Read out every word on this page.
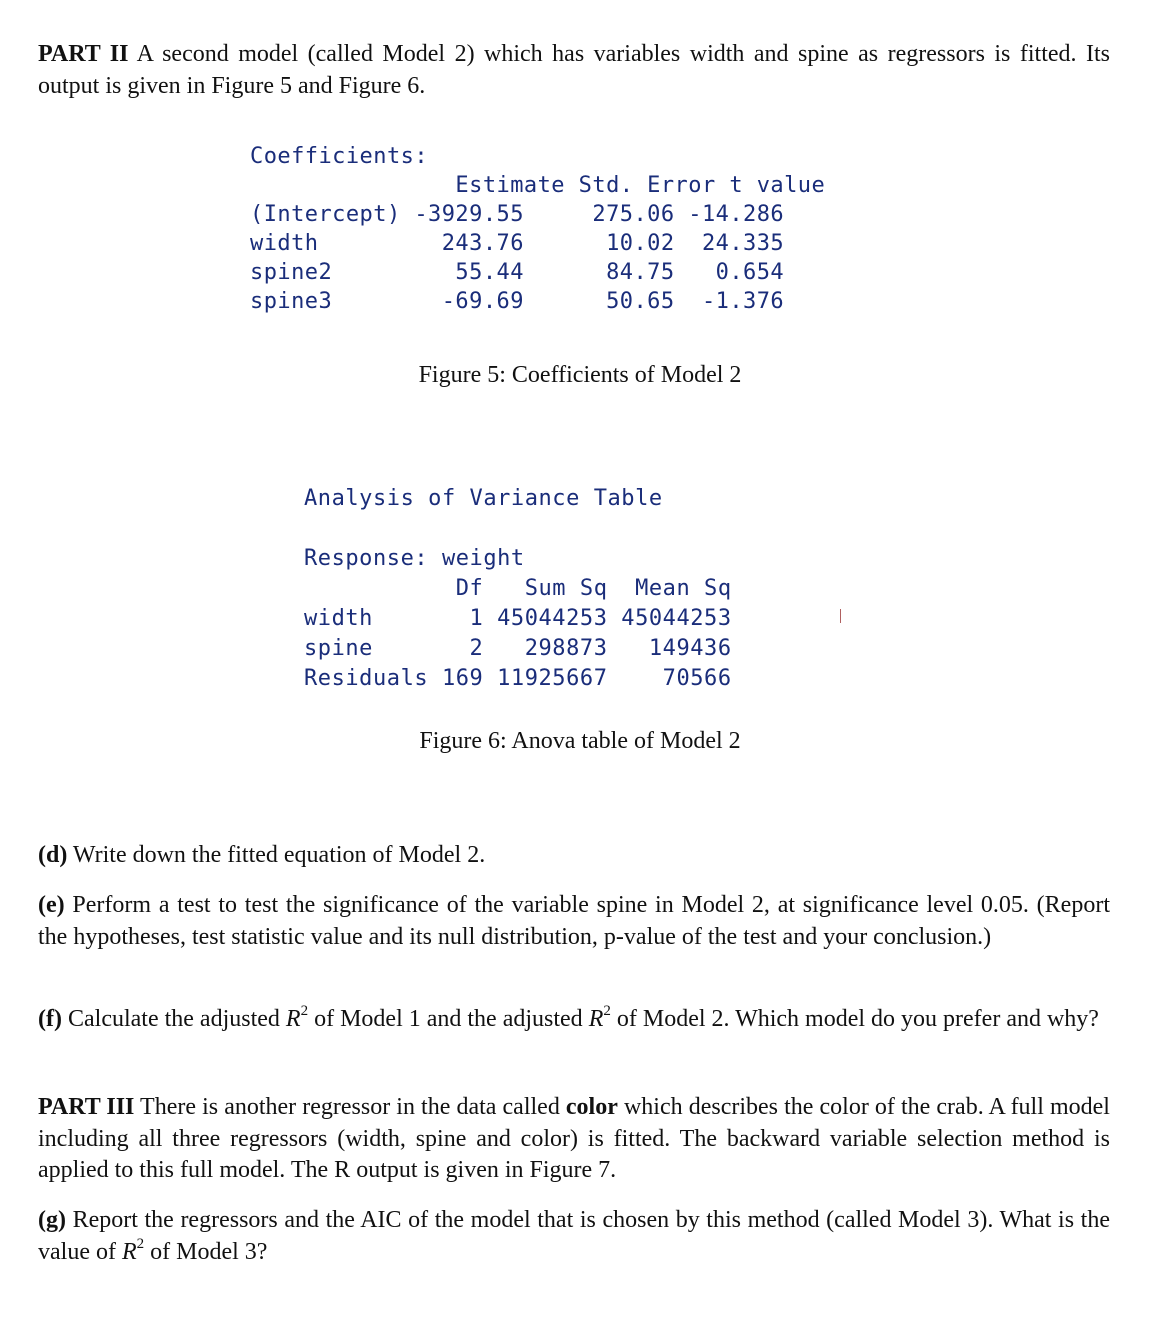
PART II A second model (called Model 2) which has variables width and spine as regressors is fitted. Its output is given in Figure 5 and Figure 6.
Coefficients:
Estimate Std. Error t value
(Intercept) -3929.55     275.06 -14.286
width         243.76      10.02  24.335
spine2         55.44      84.75   0.654
spine3        -69.69      50.65  -1.376
Figure 5: Coefficients of Model 2
Analysis of Variance Table

Response: weight
Df   Sum Sq  Mean Sq
width       1 45044253 45044253
spine       2   298873   149436
Residuals 169 11925667    70566
Figure 6: Anova table of Model 2
(d) Write down the fitted equation of Model 2.
(e) Perform a test to test the significance of the variable spine in Model 2, at significance level 0.05. (Report the hypotheses, test statistic value and its null distribution, p-value of the test and your conclusion.)
(f) Calculate the adjusted $R^2$ of Model 1 and the adjusted $R^2$ of Model 2. Which model do you prefer and why?
PART III There is another regressor in the data called color which describes the color of the crab. A full model including all three regressors (width, spine and color) is fitted. The backward variable selection method is applied to this full model. The R output is given in Figure 7.
(g) Report the regressors and the AIC of the model that is chosen by this method (called Model 3). What is the value of $R^2$ of Model 3?
